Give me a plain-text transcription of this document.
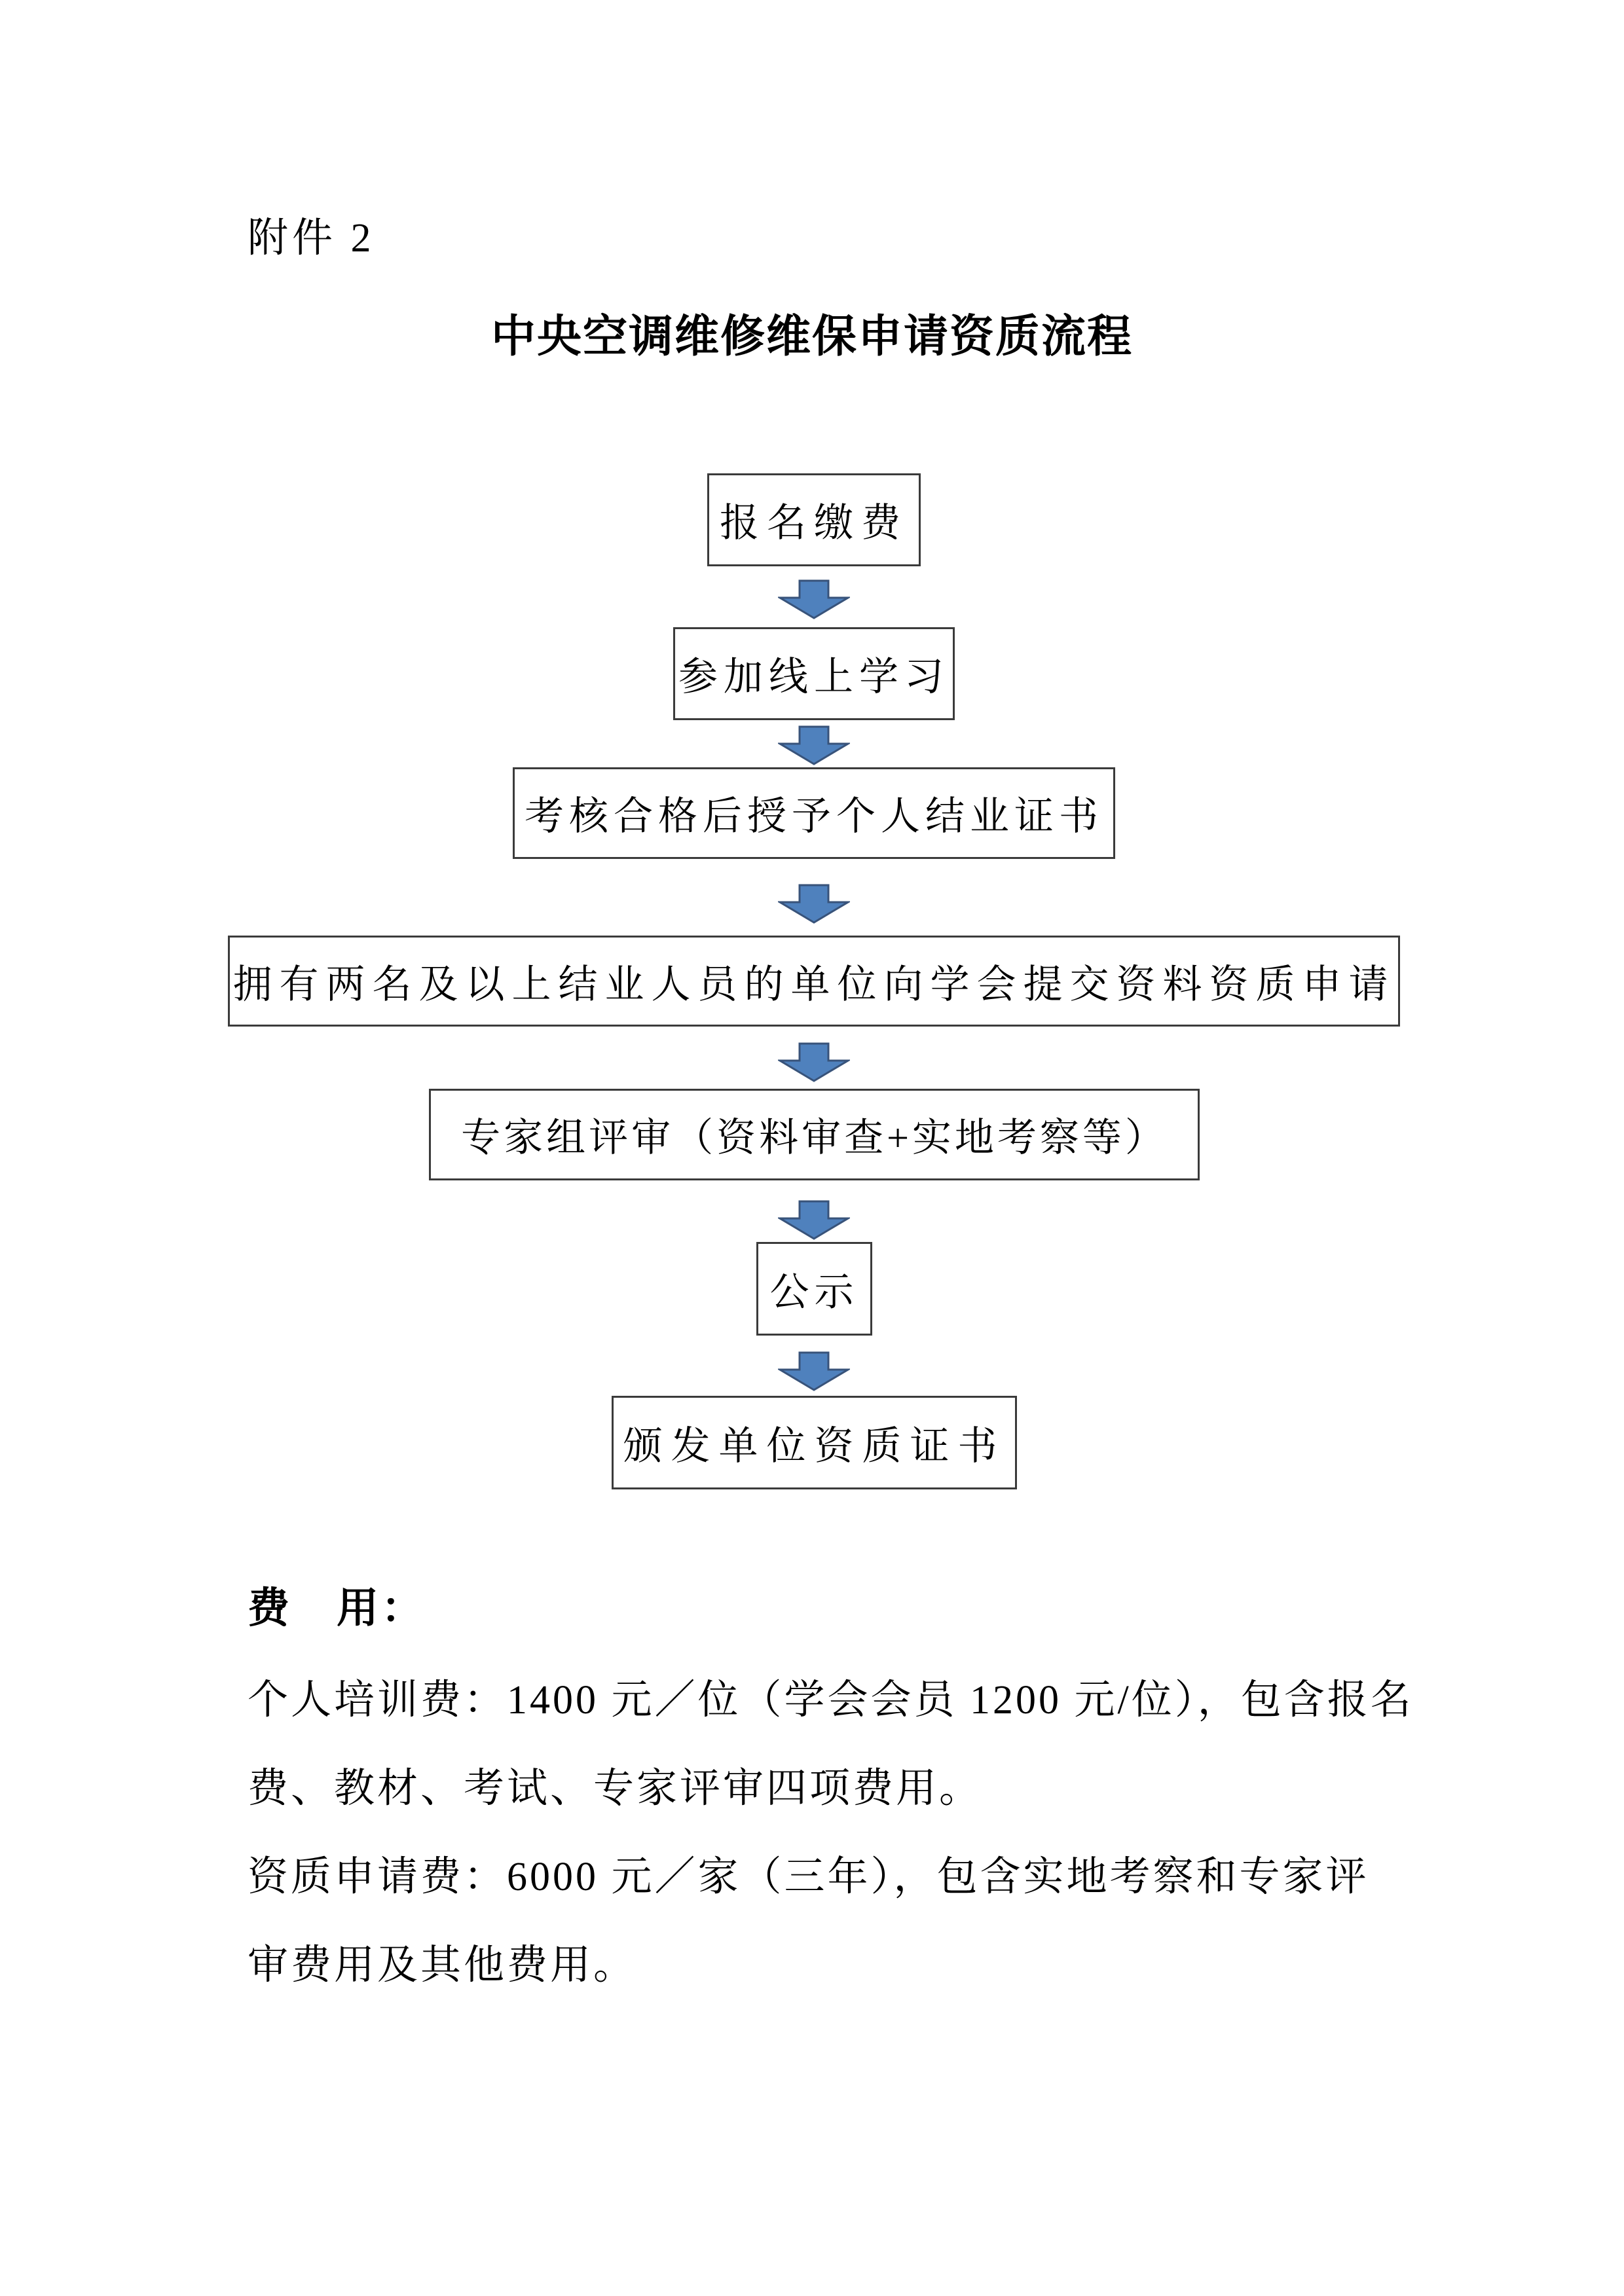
附件 2
中央空调维修维保申请资质流程
报名缴费
参加线上学习
考核合格后授予个人结业证书
拥有两名及以上结业人员的单位向学会提交资料资质申请
专家组评审（资料审查+实地考察等）
公示
颁发单位资质证书
费　用：
个人培训费：1400 元／位（学会会员 1200 元/位），包含报名
费、教材、考试、专家评审四项费用。
资质申请费：6000 元／家（三年），包含实地考察和专家评
审费用及其他费用。
